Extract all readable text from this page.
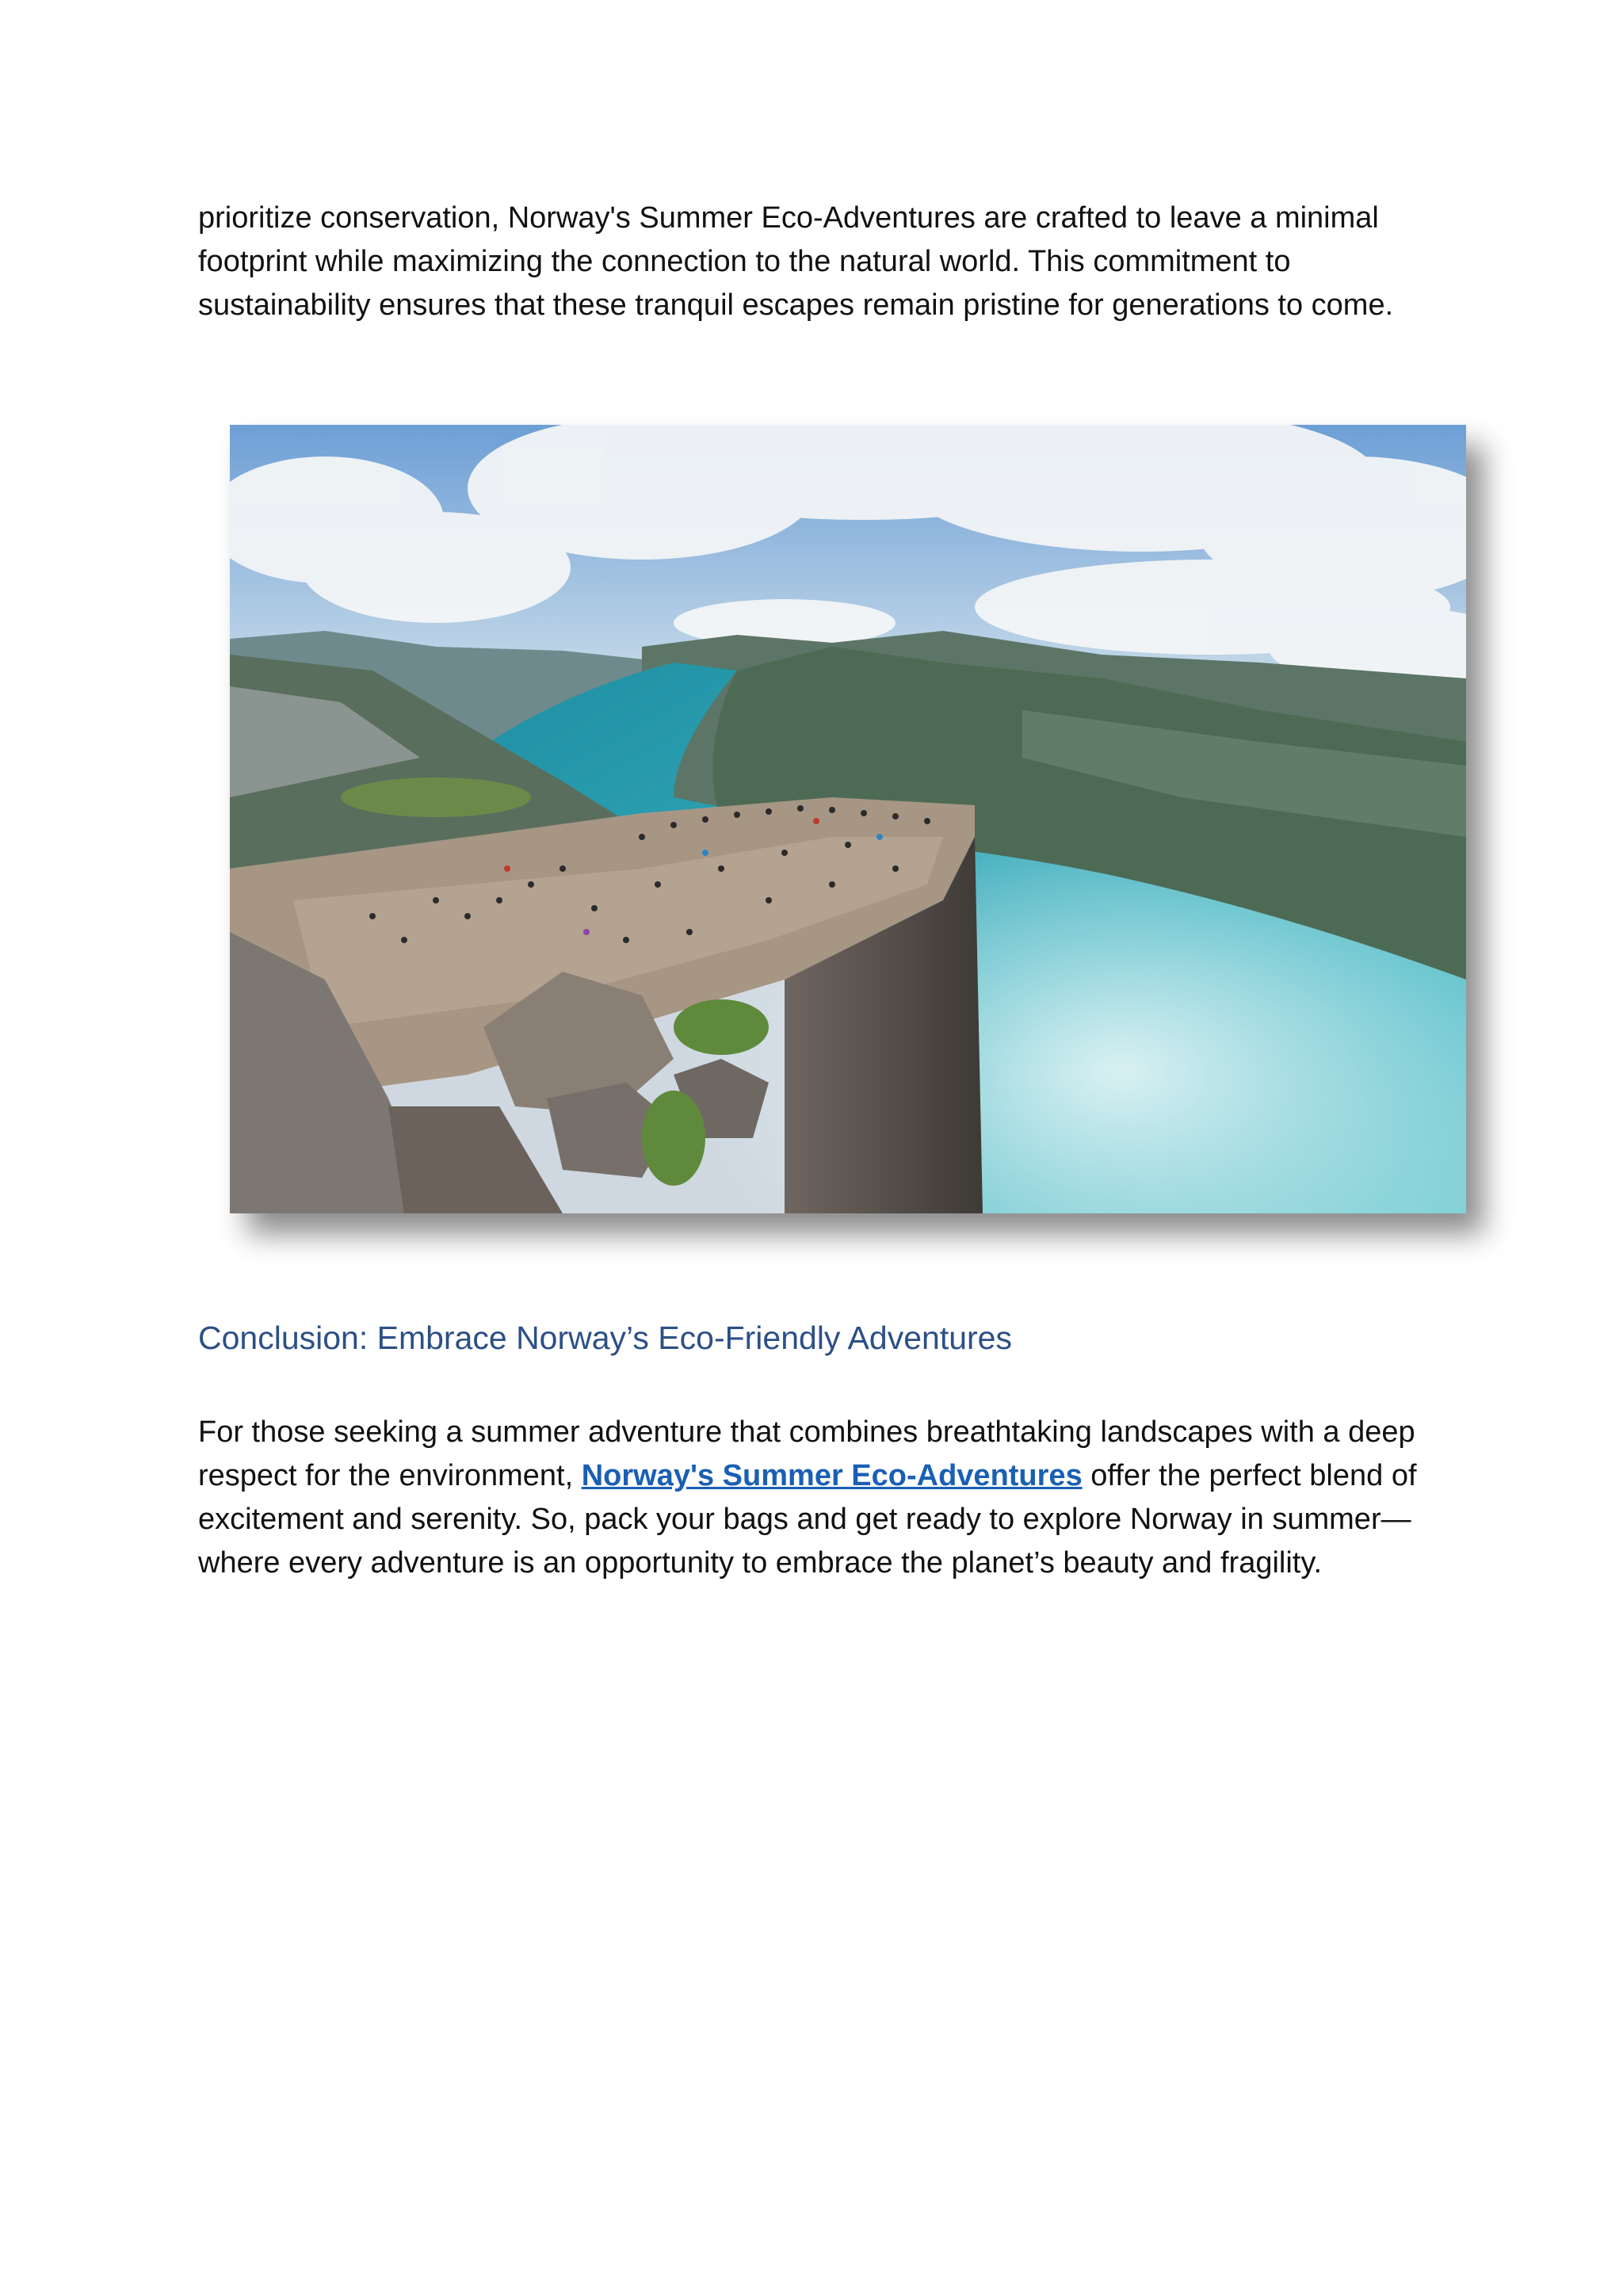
prioritize conservation, Norway's Summer Eco-Adventures are crafted to leave a minimal footprint while maximizing the connection to the natural world. This commitment to sustainability ensures that these tranquil escapes remain pristine for generations to come.

Conclusion: Embrace Norway’s Eco-Friendly Adventures

For those seeking a summer adventure that combines breathtaking landscapes with a deep respect for the environment, Norway's Summer Eco-Adventures offer the perfect blend of excitement and serenity. So, pack your bags and get ready to explore Norway in summer—where every adventure is an opportunity to embrace the planet’s beauty and fragility.
